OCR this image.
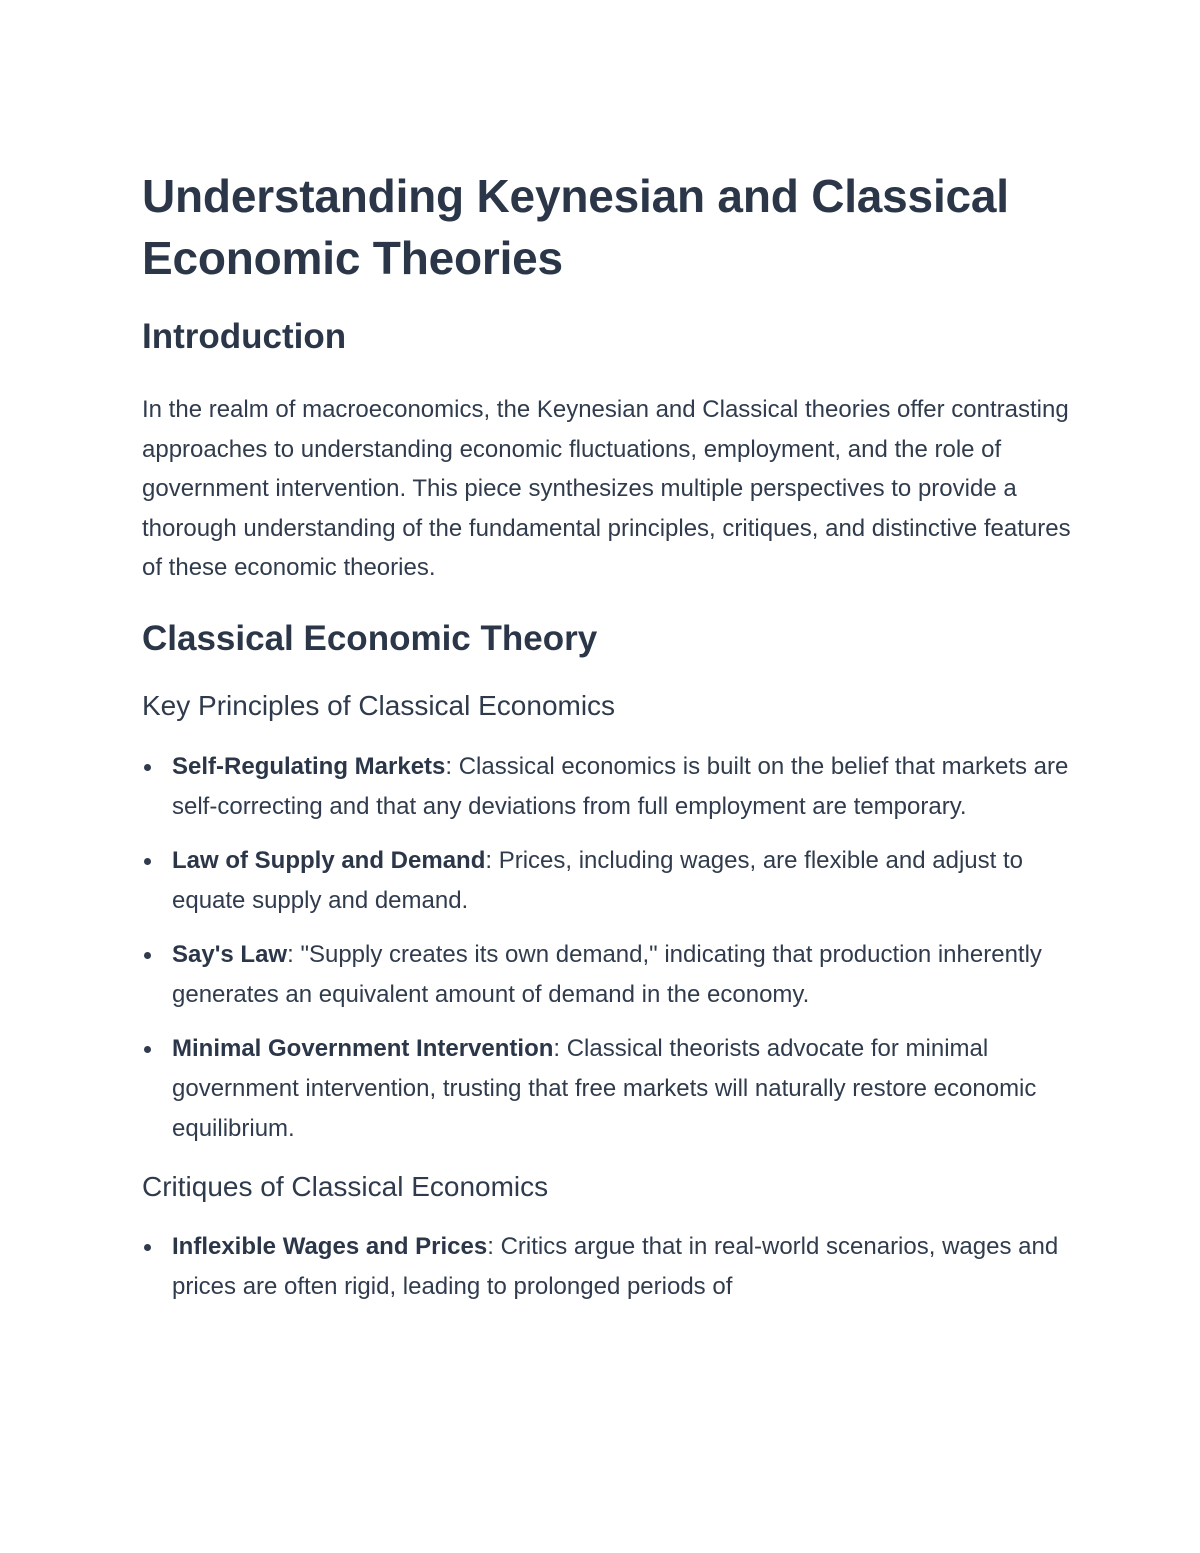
Understanding Keynesian and Classical Economic Theories
Introduction

In the realm of macroeconomics, the Keynesian and Classical theories offer contrasting approaches to understanding economic fluctuations, employment, and the role of government intervention. This piece synthesizes multiple perspectives to provide a thorough understanding of the fundamental principles, critiques, and distinctive features of these economic theories.

Classical Economic Theory
Key Principles of Classical Economics
Self-Regulating Markets: Classical economics is built on the belief that markets are self-correcting and that any deviations from full employment are temporary.
Law of Supply and Demand: Prices, including wages, are flexible and adjust to equate supply and demand.
Say's Law: "Supply creates its own demand," indicating that production inherently generates an equivalent amount of demand in the economy.
Minimal Government Intervention: Classical theorists advocate for minimal government intervention, trusting that free markets will naturally restore economic equilibrium.
Critiques of Classical Economics
Inflexible Wages and Prices: Critics argue that in real-world scenarios, wages and prices are often rigid, leading to prolonged periods of
